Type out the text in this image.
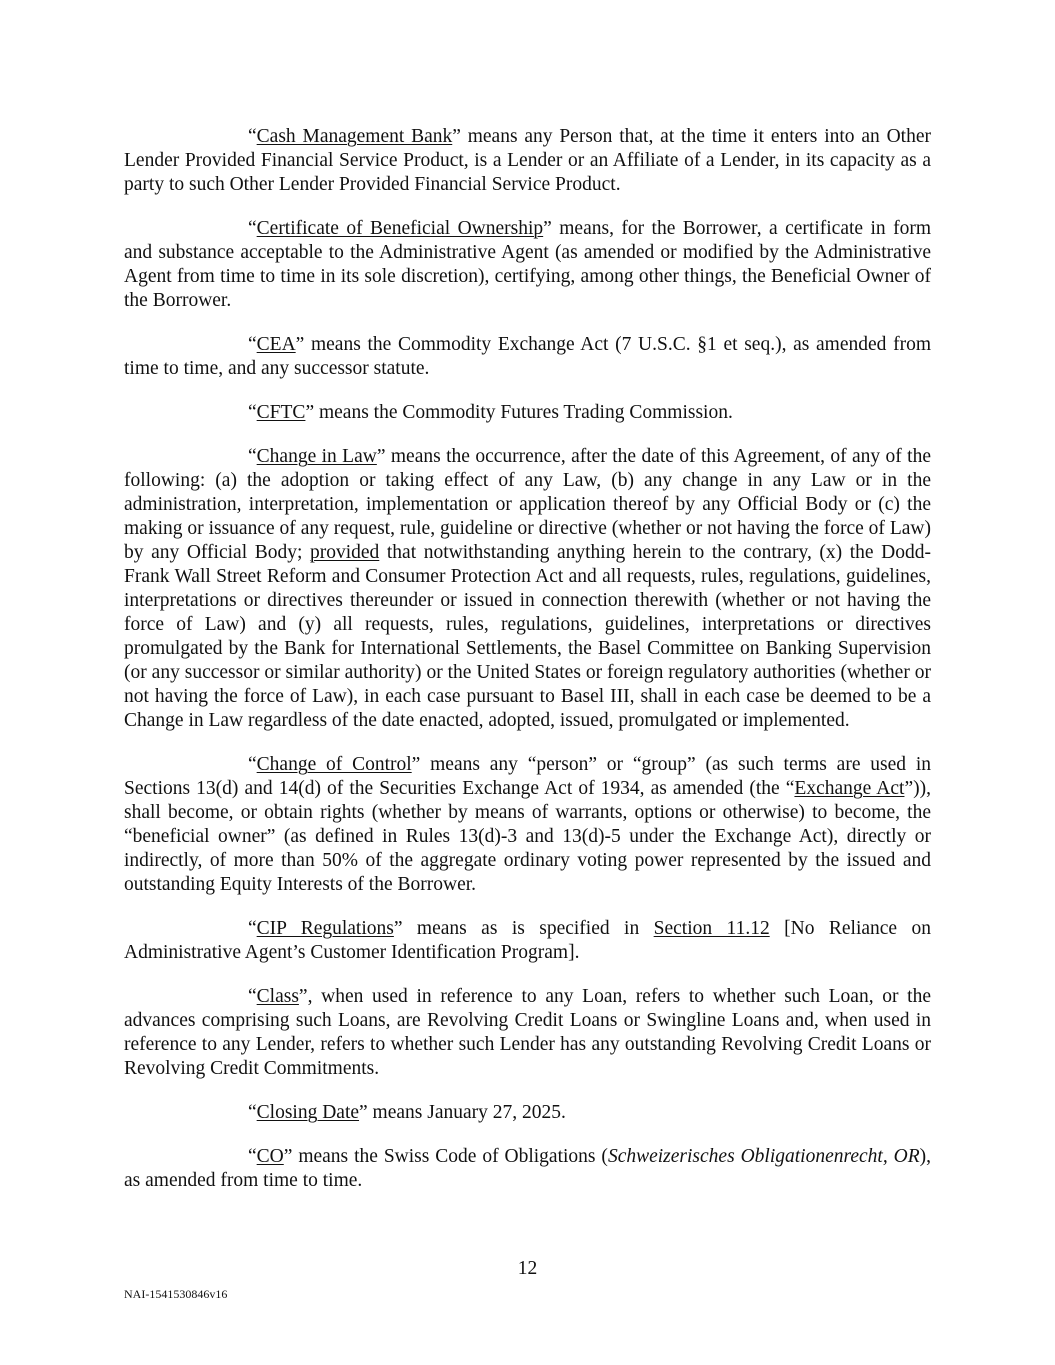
“Cash Management Bank” means any Person that, at the time it enters into an Other Lender Provided Financial Service Product, is a Lender or an Affiliate of a Lender, in its capacity as a party to such Other Lender Provided Financial Service Product.

“Certificate of Beneficial Ownership” means, for the Borrower, a certificate in form and substance acceptable to the Administrative Agent (as amended or modified by the Administrative Agent from time to time in its sole discretion), certifying, among other things, the Beneficial Owner of the Borrower.

“CEA” means the Commodity Exchange Act (7 U.S.C. §1 et seq.), as amended from time to time, and any successor statute.

“CFTC” means the Commodity Futures Trading Commission.

“Change in Law” means the occurrence, after the date of this Agreement, of any of the following: (a) the adoption or taking effect of any Law, (b) any change in any Law or in the administration, interpretation, implementation or application thereof by any Official Body or (c) the making or issuance of any request, rule, guideline or directive (whether or not having the force of Law) by any Official Body; provided that notwithstanding anything herein to the contrary, (x) the Dodd-Frank Wall Street Reform and Consumer Protection Act and all requests, rules, regulations, guidelines, interpretations or directives thereunder or issued in connection therewith (whether or not having the force of Law) and (y) all requests, rules, regulations, guidelines, interpretations or directives promulgated by the Bank for International Settlements, the Basel Committee on Banking Supervision (or any successor or similar authority) or the United States or foreign regulatory authorities (whether or not having the force of Law), in each case pursuant to Basel III, shall in each case be deemed to be a Change in Law regardless of the date enacted, adopted, issued, promulgated or implemented.

“Change of Control” means any “person” or “group” (as such terms are used in Sections 13(d) and 14(d) of the Securities Exchange Act of 1934, as amended (the “Exchange Act”)), shall become, or obtain rights (whether by means of warrants, options or otherwise) to become, the “beneficial owner” (as defined in Rules 13(d)-3 and 13(d)-5 under the Exchange Act), directly or indirectly, of more than 50% of the aggregate ordinary voting power represented by the issued and outstanding Equity Interests of the Borrower.

“CIP Regulations” means as is specified in Section 11.12 [No Reliance on Administrative Agent’s Customer Identification Program].

“Class”, when used in reference to any Loan, refers to whether such Loan, or the advances comprising such Loans, are Revolving Credit Loans or Swingline Loans and, when used in reference to any Lender, refers to whether such Lender has any outstanding Revolving Credit Loans or Revolving Credit Commitments.

“Closing Date” means January 27, 2025.

“CO” means the Swiss Code of Obligations (Schweizerisches Obligationenrecht, OR), as amended from time to time.

12
NAI-1541530846v16
